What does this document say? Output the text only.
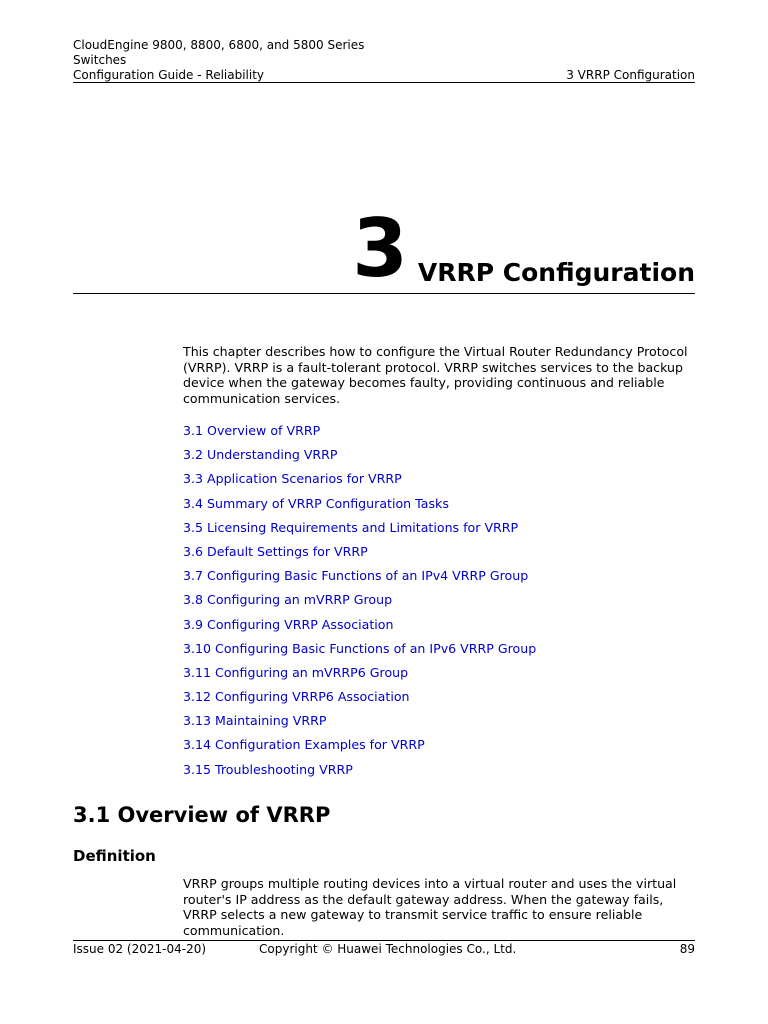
CloudEngine 9800, 8800, 6800, and 5800 Series
Switches
Configuration Guide - Reliability	3 VRRP Configuration
3 VRRP Configuration

This chapter describes how to configure the Virtual Router Redundancy Protocol (VRRP). VRRP is a fault-tolerant protocol. VRRP switches services to the backup device when the gateway becomes faulty, providing continuous and reliable communication services.

3.1 Overview of VRRP
3.2 Understanding VRRP
3.3 Application Scenarios for VRRP
3.4 Summary of VRRP Configuration Tasks
3.5 Licensing Requirements and Limitations for VRRP
3.6 Default Settings for VRRP
3.7 Configuring Basic Functions of an IPv4 VRRP Group
3.8 Configuring an mVRRP Group
3.9 Configuring VRRP Association
3.10 Configuring Basic Functions of an IPv6 VRRP Group
3.11 Configuring an mVRRP6 Group
3.12 Configuring VRRP6 Association
3.13 Maintaining VRRP
3.14 Configuration Examples for VRRP
3.15 Troubleshooting VRRP
3.1 Overview of VRRP
Definition

VRRP groups multiple routing devices into a virtual router and uses the virtual router's IP address as the default gateway address. When the gateway fails, VRRP selects a new gateway to transmit service traffic to ensure reliable communication.

Issue 02 (2021-04-20)	Copyright © Huawei Technologies Co., Ltd.	89
